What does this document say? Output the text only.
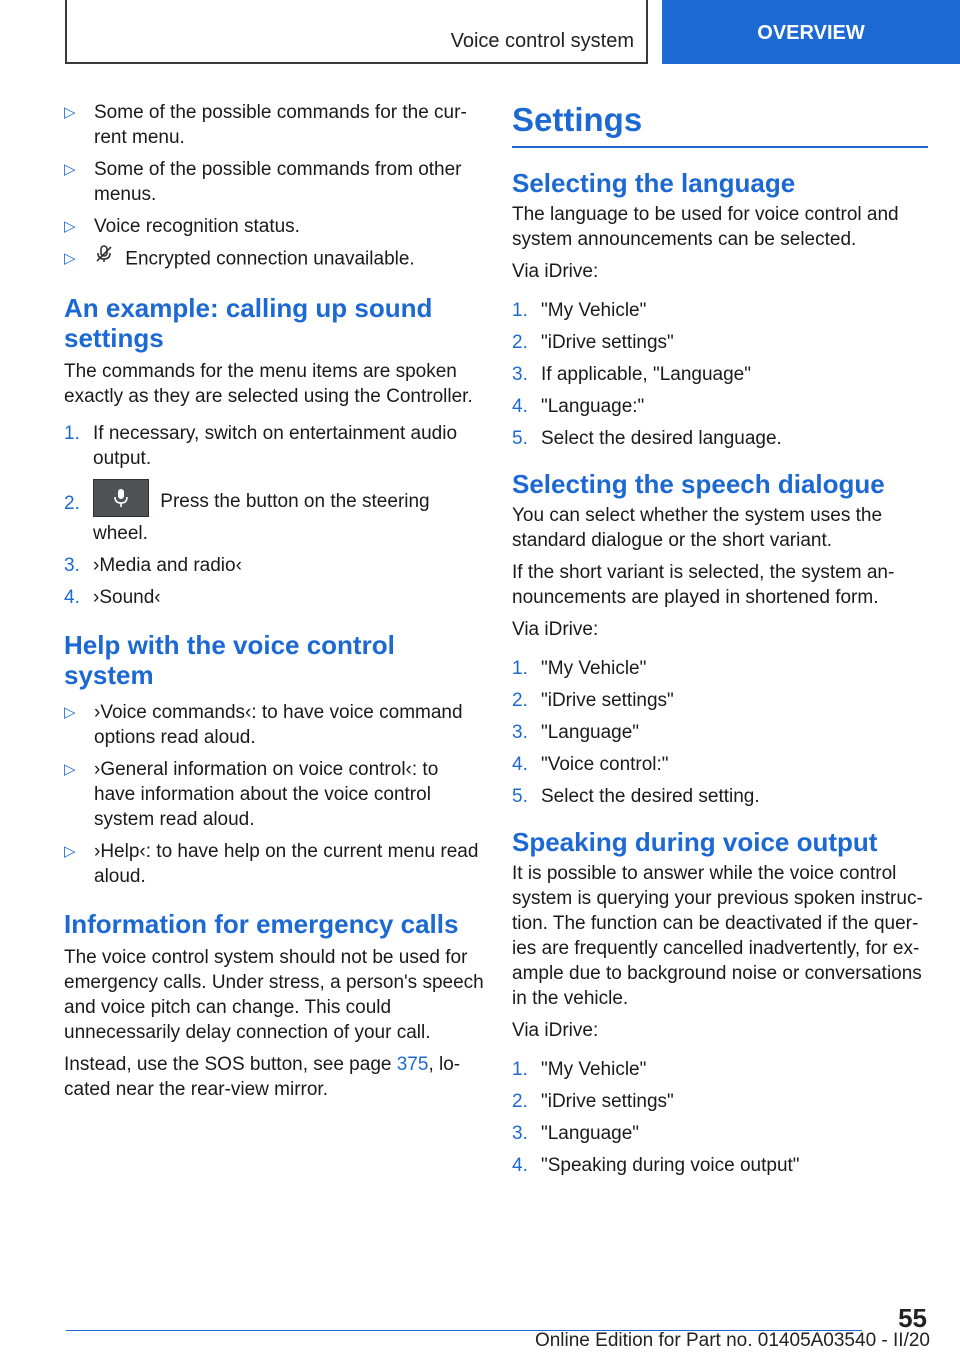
Voice control system	OVERVIEW
▷ Some of the possible commands for the cur-rent menu.
▷ Some of the possible commands from other menus.
▷ Voice recognition status.
▷	Encrypted connection unavailable.
An example: calling up sound settings

The commands for the menu items are spoken exactly as they are selected using the Controller.

1. If necessary, switch on entertainment audio output.
2.	Press the button on the steering wheel.
3. ›Media and radio‹
4. ›Sound‹
Help with the voice control system
▷ ›Voice commands‹: to have voice command options read aloud.
▷ ›General information on voice control‹: to have information about the voice control system read aloud.
▷ ›Help‹: to have help on the current menu read aloud.
Information for emergency calls

The voice control system should not be used for emergency calls. Under stress, a person's speech and voice pitch can change. This could unnecessarily delay connection of your call.

Instead, use the SOS button, see page 375, lo-cated near the rear-view mirror.

Settings
Selecting the language

The language to be used for voice control and system announcements can be selected.

Via iDrive:

1. "My Vehicle"
2. "iDrive settings"
3. If applicable, "Language"
4. "Language:"
5. Select the desired language.
Selecting the speech dialogue

You can select whether the system uses the standard dialogue or the short variant.

If the short variant is selected, the system an-nouncements are played in shortened form.

Via iDrive:

1. "My Vehicle"
2. "iDrive settings"
3. "Language"
4. "Voice control:"
5. Select the desired setting.
Speaking during voice output

It is possible to answer while the voice control system is querying your previous spoken instruc-tion. The function can be deactivated if the quer-ies are frequently cancelled inadvertently, for ex-ample due to background noise or conversations in the vehicle.

Via iDrive:

1. "My Vehicle"
2. "iDrive settings"
3. "Language"
4. "Speaking during voice output"
55
Online Edition for Part no. 01405A03540 - II/20
